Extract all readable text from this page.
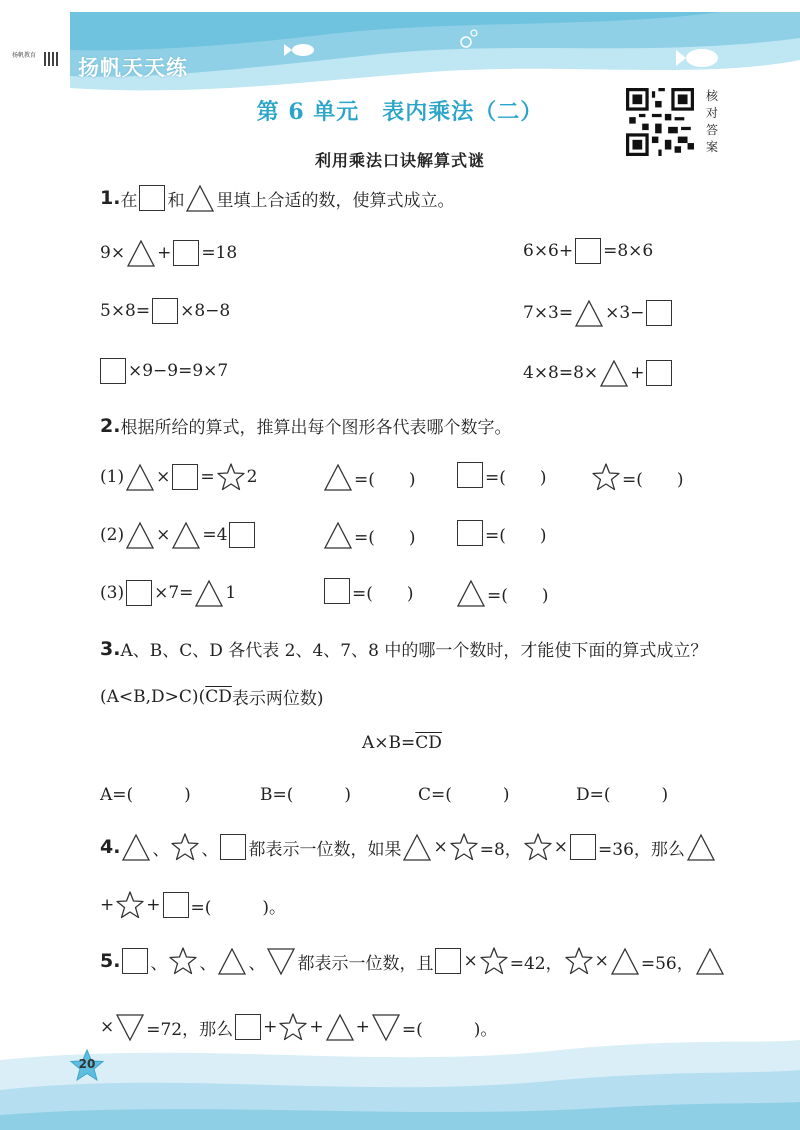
扬帆教育
扬帆天天练
第 6 单元　表内乘法（二）
核
对
答
案
利用乘法口诀解算式谜
1. 在 和 里填上合适的数，使算式成立。
9× + =18	6×6+ =8×6
5×8= ×8−8	7×3= ×3−
×9−9=9×7	4×8=8× +
2. 根据所给的算式，推算出每个图形各代表哪个数字。
(1) × = 2	=(　　)	=(　　)	=(　　)
(2) × =4	=(　　)	=(　　)
(3) ×7= 1	=(　　)	=(　　)
3. A、B、C、D 各代表 2、4、7、8 中的哪一个数时，才能使下面的算式成立？
(A<B,D>C)( $\overline{CD}$ 表示两位数)
$A\times B= \overline{CD}$
A=(　　　)	B=(　　　)	C=(　　　)	D=(　　　)
4. 、 、 都表示一位数，如果 × =8， × =36，那么
+ + =(　　　)。
5. 、 、 、 都表示一位数，且 × =42， × =56，
× =72，那么 + + + =(　　　)。
20
